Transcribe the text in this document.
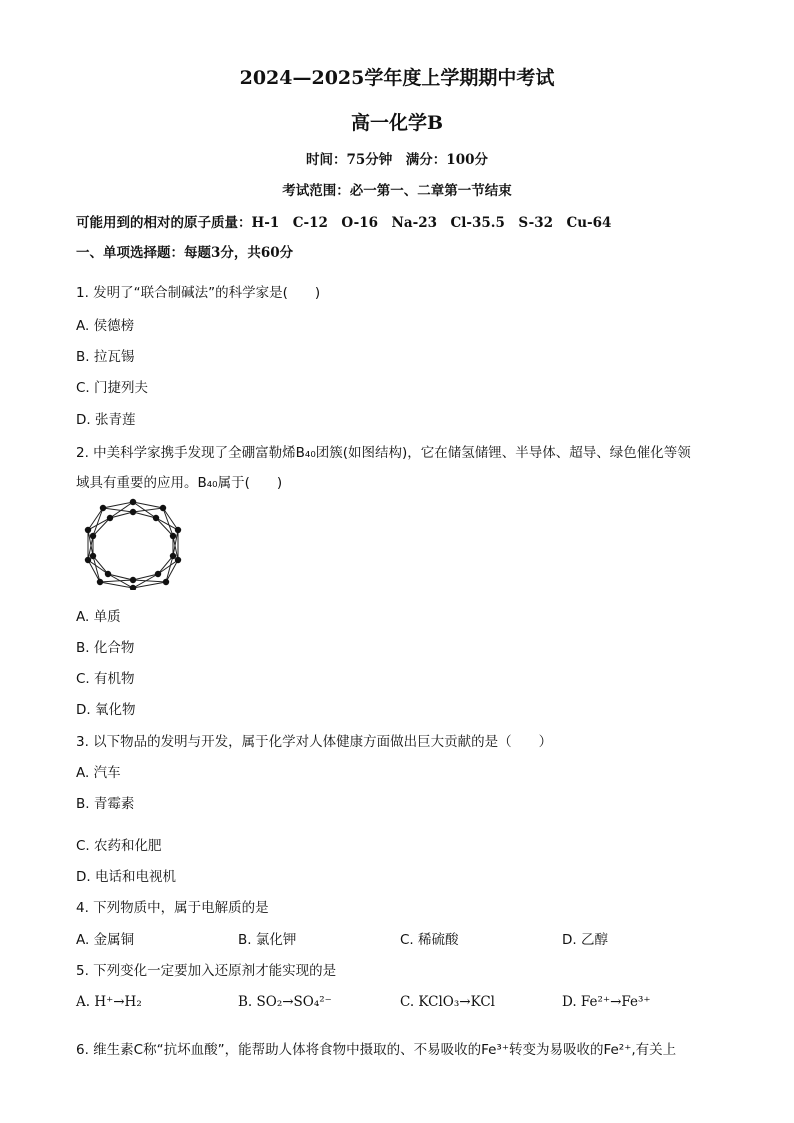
2024—2025学年度上学期期中考试
高一化学B
时间：75分钟　满分：100分
考试范围：必一第一、二章第一节结束
可能用到的相对的原子质量：H-1　C-12　O-16　Na-23　Cl-35.5　S-32　Cu-64
一、单项选择题：每题3分，共60分
1. 发明了“联合制碱法”的科学家是(　　)
A. 侯德榜
B. 拉瓦锡
C. 门捷列夫
D. 张青莲
2. 中美科学家携手发现了全硼富勒烯B₄₀团簇(如图结构)，它在储氢储锂、半导体、超导、绿色催化等领
域具有重要的应用。B₄₀属于(　　)
A. 单质
B. 化合物
C. 有机物
D. 氧化物
3. 以下物品的发明与开发，属于化学对人体健康方面做出巨大贡献的是（　　）
A. 汽车
B. 青霉素
C. 农药和化肥
D. 电话和电视机
4. 下列物质中，属于电解质的是
A. 金属铜	B. 氯化钾	C. 稀硫酸	D. 乙醇
5. 下列变化一定要加入还原剂才能实现的是
A. H⁺→H₂	B. SO₂→SO₄²⁻	C. KClO₃→KCl	D. Fe²⁺→Fe³⁺
6. 维生素C称“抗坏血酸”，能帮助人体将食物中摄取的、不易吸收的Fe³⁺转变为易吸收的Fe²⁺,有关上
